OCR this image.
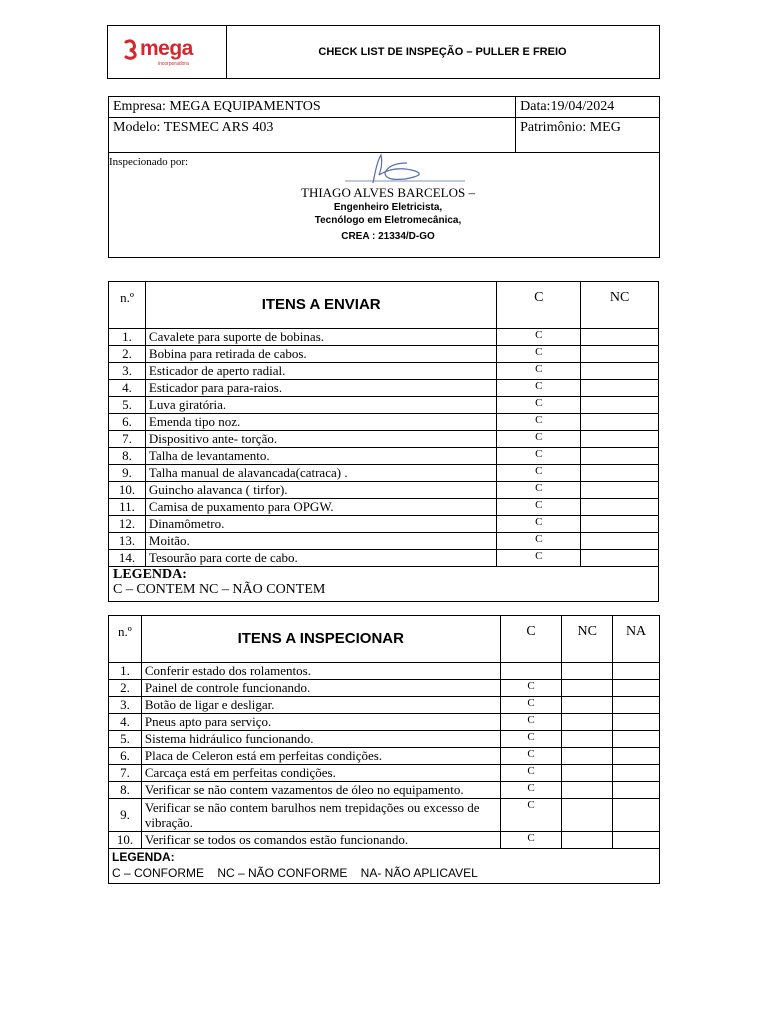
mega
incorporadora
CHECK LIST DE INSPEÇÃO – PULLER E FREIO
Empresa: MEGA EQUIPAMENTOS	Data:19/04/2024
Modelo: TESMEC ARS 403	Patrimônio: MEG

Inspecionado por:
THIAGO ALVES BARCELOS –
Engenheiro Eletricista,
Tecnólogo em Eletromecânica,
CREA : 21334/D-GO	
n.º	ITENS A ENVIAR	C	NC
1.	Cavalete para suporte de bobinas.	C	
2.	Bobina para retirada de cabos.	C	
3.	Esticador de aperto radial.	C	
4.	Esticador para para-raios.	C	
5.	Luva giratória.	C	
6.	Emenda tipo noz.	C	
7.	Dispositivo ante- torção.	C	
8.	Talha de levantamento.	C	
9.	Talha manual de alavancada(catraca) .	C	
10.	Guincho alavanca ( tirfor).	C	
11.	Camisa de puxamento para OPGW.	C	
12.	Dinamômetro.	C	
13.	Moitão.	C	
14.	Tesourão para corte de cabo.	C	

LEGENDA:
C – CONTEM NC – NÃO CONTEM			
n.º	ITENS A INSPECIONAR	C	NC	NA
1.	Conferir estado dos rolamentos.			
2.	Painel de controle funcionando.	C		
3.	Botão de ligar e desligar.	C		
4.	Pneus apto para serviço.	C		
5.	Sistema hidráulico funcionando.	C		
6.	Placa de Celeron está em perfeitas condições.	C		
7.	Carcaça está em perfeitas condições.	C		
8.	Verificar se não contem vazamentos de óleo no equipamento.	C		
9.	Verificar se não contem barulhos nem trepidações ou excesso de vibração.	C		
10.	Verificar se todos os comandos estão funcionando.	C		

LEGENDA:
C – CONFORME    NC – NÃO CONFORME    NA- NÃO APLICAVEL				
